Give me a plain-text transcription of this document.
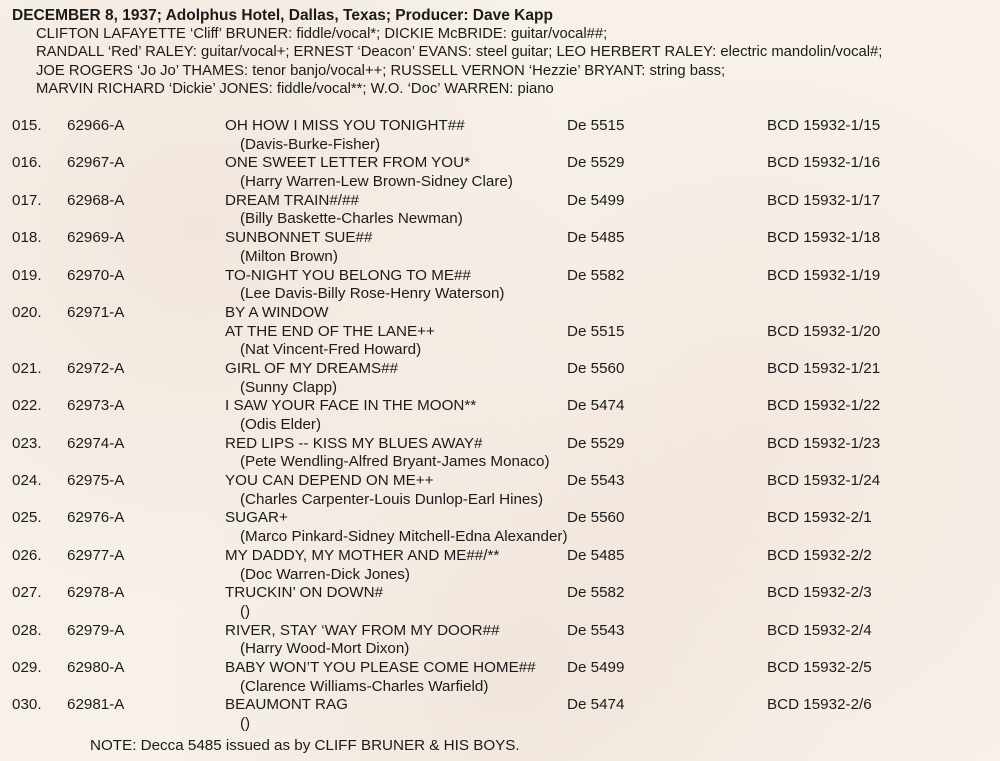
DECEMBER 8, 1937; Adolphus Hotel, Dallas, Texas; Producer: Dave Kapp
CLIFTON LAFAYETTE ‘Cliff’ BRUNER: fiddle/vocal*; DICKIE McBRIDE: guitar/vocal##;
RANDALL ‘Red’ RALEY: guitar/vocal+; ERNEST ‘Deacon’ EVANS: steel guitar; LEO HERBERT RALEY: electric mandolin/vocal#;
JOE ROGERS ‘Jo Jo’ THAMES: tenor banjo/vocal++; RUSSELL VERNON ‘Hezzie’ BRYANT: string bass;
MARVIN RICHARD ‘Dickie’ JONES: fiddle/vocal**; W.O. ‘Doc’ WARREN: piano
015. 62966-A	OH HOW I MISS YOU TONIGHT##	De 5515	BCD 15932-1/15
(Davis-Burke-Fisher)
016. 62967-A	ONE SWEET LETTER FROM YOU*	De 5529	BCD 15932-1/16
(Harry Warren-Lew Brown-Sidney Clare)
017. 62968-A	DREAM TRAIN#/##	De 5499	BCD 15932-1/17
(Billy Baskette-Charles Newman)
018. 62969-A	SUNBONNET SUE##	De 5485	BCD 15932-1/18
(Milton Brown)
019. 62970-A	TO-NIGHT YOU BELONG TO ME##	De 5582	BCD 15932-1/19
(Lee Davis-Billy Rose-Henry Waterson)
020. 62971-A	BY A WINDOW
AT THE END OF THE LANE++	De 5515	BCD 15932-1/20
(Nat Vincent-Fred Howard)
021. 62972-A	GIRL OF MY DREAMS##	De 5560	BCD 15932-1/21
(Sunny Clapp)
022. 62973-A	I SAW YOUR FACE IN THE MOON**	De 5474	BCD 15932-1/22
(Odis Elder)
023. 62974-A	RED LIPS -- KISS MY BLUES AWAY#	De 5529	BCD 15932-1/23
(Pete Wendling-Alfred Bryant-James Monaco)
024. 62975-A	YOU CAN DEPEND ON ME++	De 5543	BCD 15932-1/24
(Charles Carpenter-Louis Dunlop-Earl Hines)
025. 62976-A	SUGAR+	De 5560	BCD 15932-2/1
(Marco Pinkard-Sidney Mitchell-Edna Alexander)
026. 62977-A	MY DADDY, MY MOTHER AND ME##/**	De 5485	BCD 15932-2/2
(Doc Warren-Dick Jones)
027. 62978-A	TRUCKIN’ ON DOWN#	De 5582	BCD 15932-2/3
()
028. 62979-A	RIVER, STAY ‘WAY FROM MY DOOR##	De 5543	BCD 15932-2/4
(Harry Wood-Mort Dixon)
029. 62980-A	BABY WON’T YOU PLEASE COME HOME## De 5499	BCD 15932-2/5
(Clarence Williams-Charles Warfield)
030. 62981-A	BEAUMONT RAG	De 5474	BCD 15932-2/6
()
NOTE: Decca 5485 issued as by CLIFF BRUNER & HIS BOYS.
